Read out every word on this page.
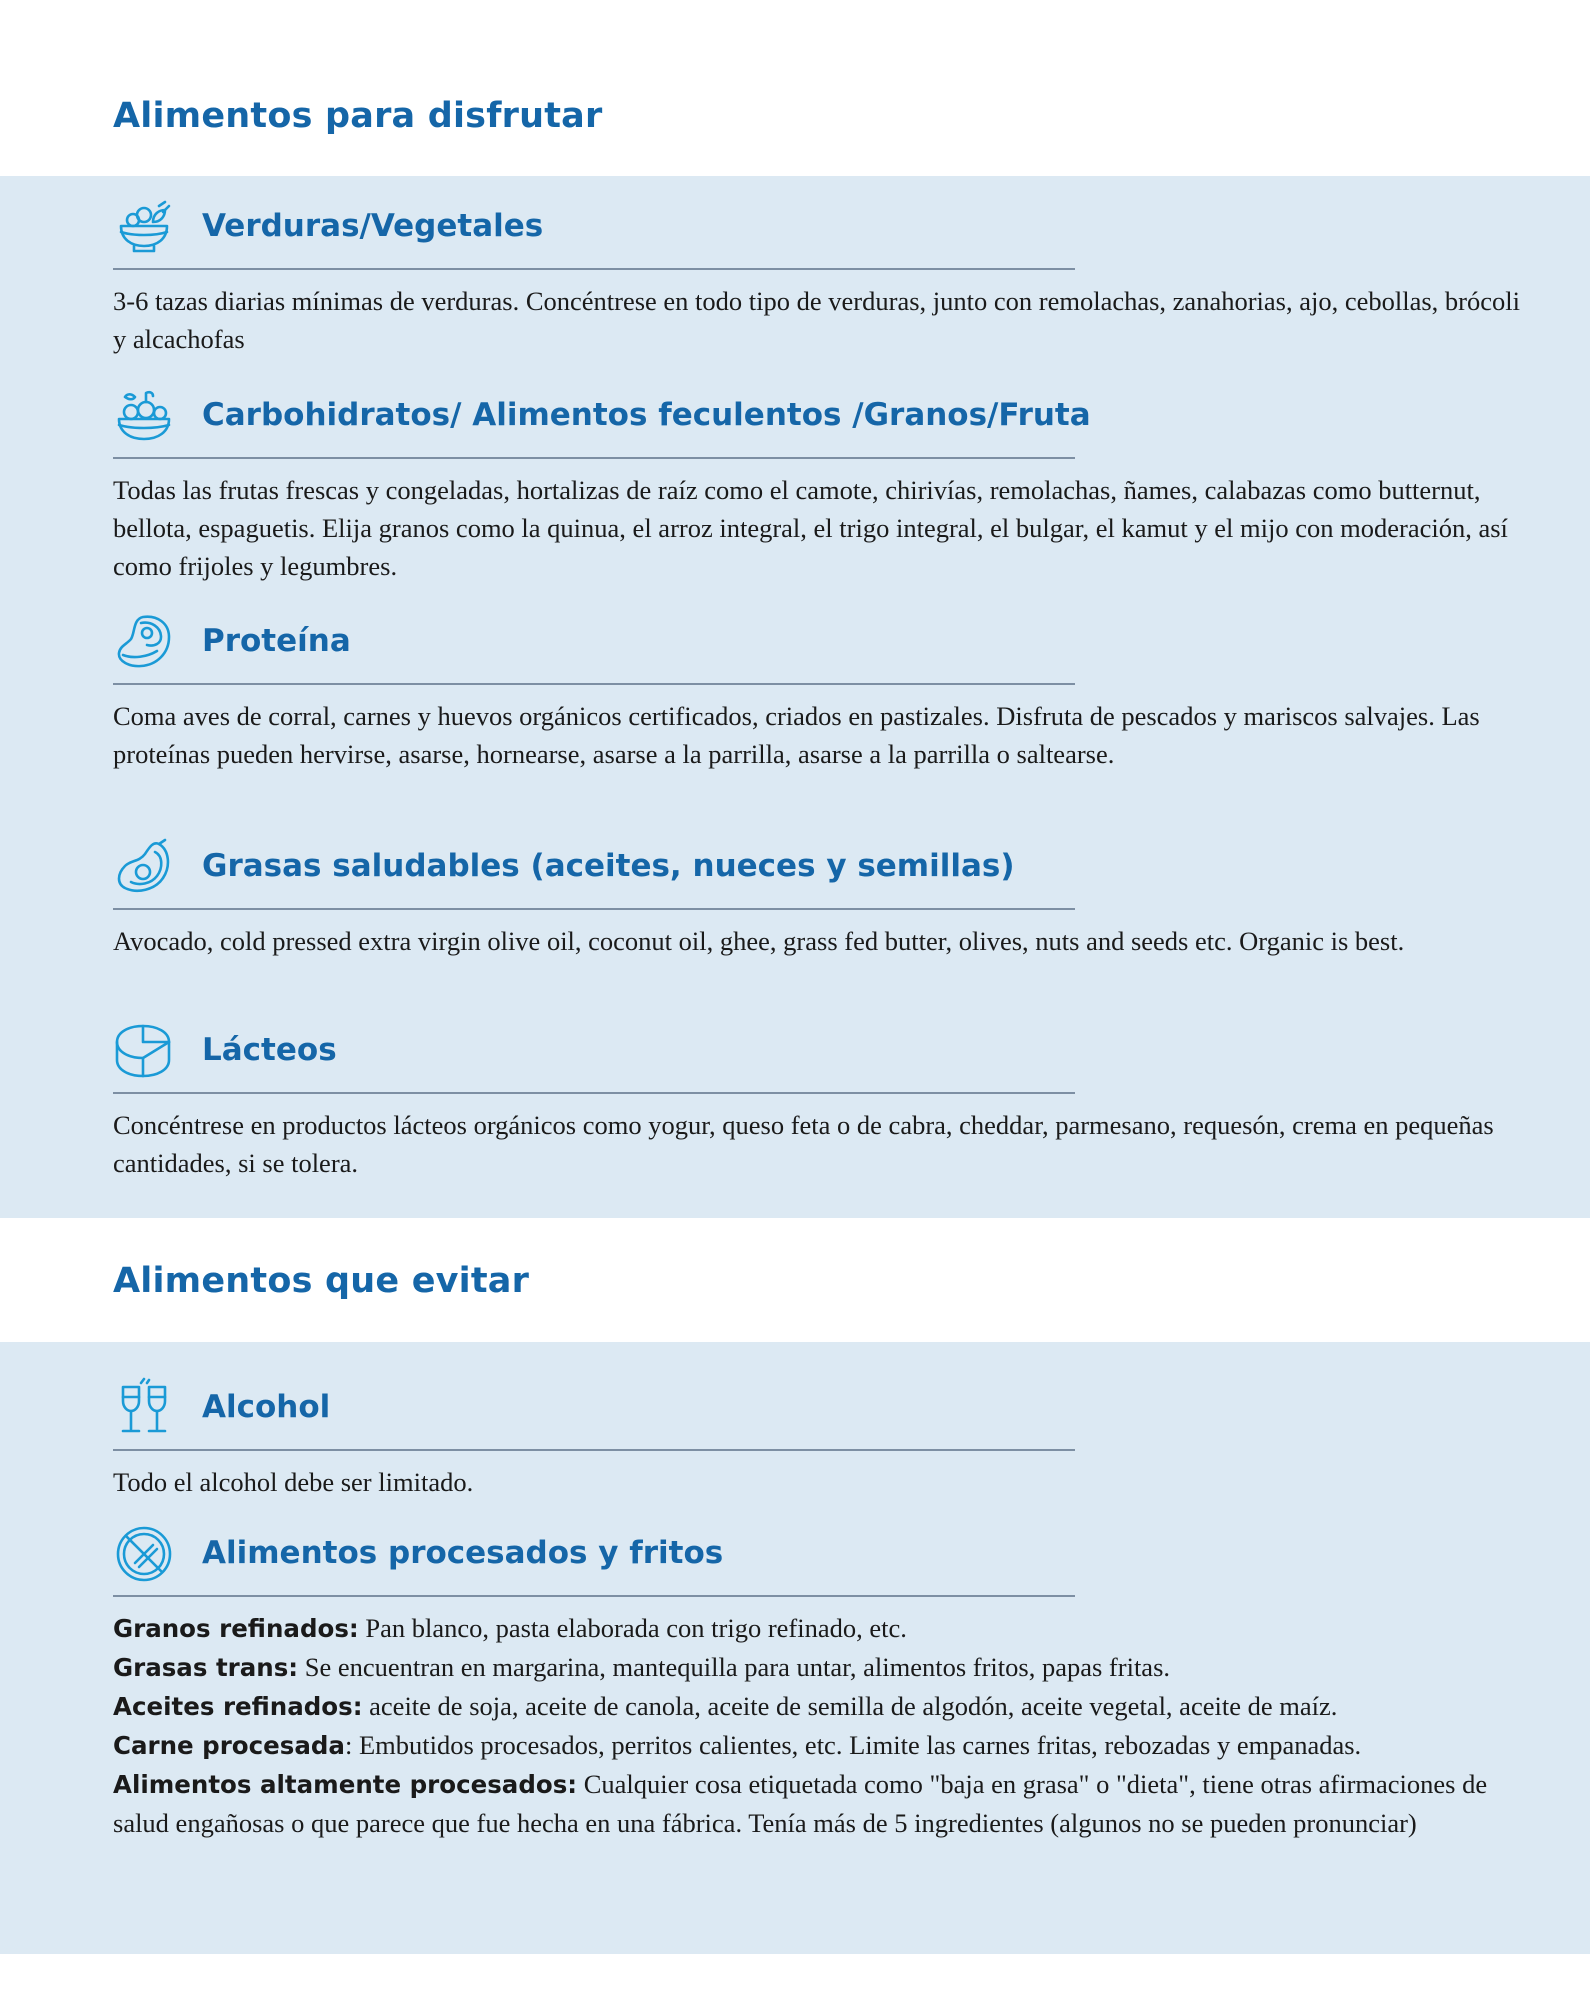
Alimentos para disfrutar
Verduras/Vegetales
3-6 tazas diarias mínimas de verduras. Concéntrese en todo tipo de verduras, junto con remolachas, zanahorias, ajo, cebollas, brócoli y alcachofas
Carbohidratos/ Alimentos feculentos /Granos/Fruta
Todas las frutas frescas y congeladas, hortalizas de raíz como el camote, chirivías, remolachas, ñames, calabazas como butternut, bellota, espaguetis. Elija granos como la quinua, el arroz integral, el trigo integral, el bulgar, el kamut y el mijo con moderación, así como frijoles y legumbres.
Proteína
Coma aves de corral, carnes y huevos orgánicos certificados, criados en pastizales. Disfruta de pescados y mariscos salvajes. Las proteínas pueden hervirse, asarse, hornearse, asarse a la parrilla, asarse a la parrilla o saltearse.
Grasas saludables (aceites, nueces y semillas)
Avocado, cold pressed extra virgin olive oil, coconut oil, ghee, grass fed butter, olives, nuts and seeds etc. Organic is best.
Lácteos
Concéntrese en productos lácteos orgánicos como yogur, queso feta o de cabra, cheddar, parmesano, requesón, crema en pequeñas cantidades, si se tolera.
Alimentos que evitar
Alcohol
Todo el alcohol debe ser limitado.
Alimentos procesados y fritos
Granos refinados: Pan blanco, pasta elaborada con trigo refinado, etc.
Grasas trans: Se encuentran en margarina, mantequilla para untar, alimentos fritos, papas fritas.
Aceites refinados: aceite de soja, aceite de canola, aceite de semilla de algodón, aceite vegetal, aceite de maíz.
Carne procesada: Embutidos procesados, perritos calientes, etc. Limite las carnes fritas, rebozadas y empanadas.
Alimentos altamente procesados: Cualquier cosa etiquetada como "baja en grasa" o "dieta", tiene otras afirmaciones de salud engañosas o que parece que fue hecha en una fábrica. Tenía más de 5 ingredientes (algunos no se pueden pronunciar)
